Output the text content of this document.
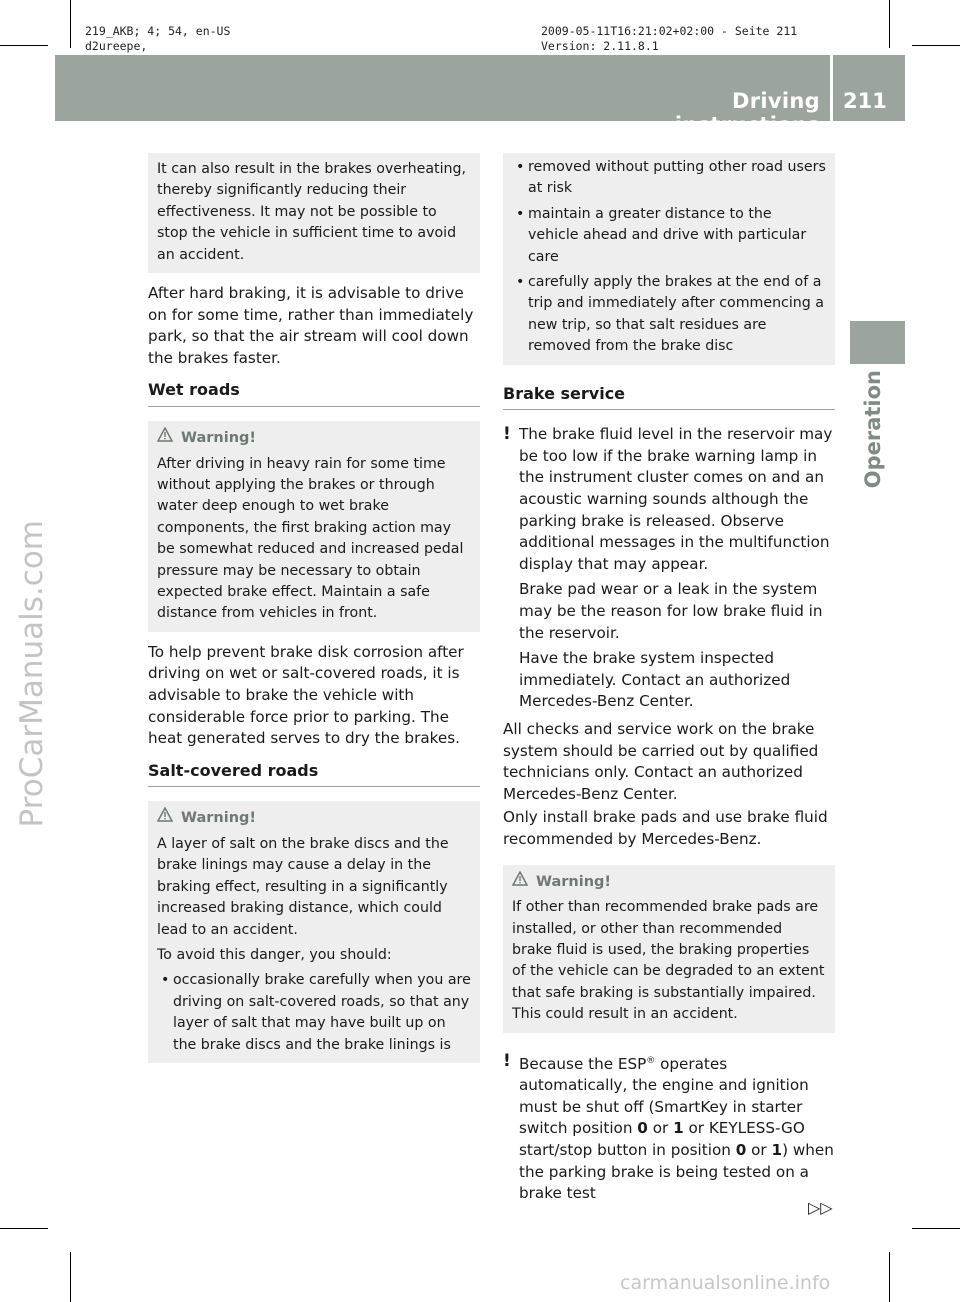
219_AKB; 4; 54, en-US
d2ureepe,
2009-05-11T16:21:02+02:00 - Seite 211
Version: 2.11.8.1
Driving instructions
211
Operation
ProCarManuals.com
carmanualsonline.info

It can also result in the brakes overheating, thereby significantly reducing their effectiveness. It may not be possible to stop the vehicle in sufficient time to avoid an accident.

After hard braking, it is advisable to drive on for some time, rather than immediately park, so that the air stream will cool down the brakes faster.

Wet roads
Warning!

After driving in heavy rain for some time without applying the brakes or through water deep enough to wet brake components, the first braking action may be somewhat reduced and increased pedal pressure may be necessary to obtain expected brake effect. Maintain a safe distance from vehicles in front.

To help prevent brake disk corrosion after driving on wet or salt-covered roads, it is advisable to brake the vehicle with considerable force prior to parking. The heat generated serves to dry the brakes.

Salt-covered roads
Warning!

A layer of salt on the brake discs and the brake linings may cause a delay in the braking effect, resulting in a significantly increased braking distance, which could lead to an accident.

To avoid this danger, you should:

• occasionally brake carefully when you are driving on salt-covered roads, so that any layer of salt that may have built up on the brake discs and the brake linings is

• removed without putting other road users at risk

• maintain a greater distance to the vehicle ahead and drive with particular care

• carefully apply the brakes at the end of a trip and immediately after commencing a new trip, so that salt residues are removed from the brake disc

Brake service
! The brake fluid level in the reservoir may be too low if the brake warning lamp in the instrument cluster comes on and an acoustic warning sounds although the parking brake is released. Observe additional messages in the multifunction display that may appear.

Brake pad wear or a leak in the system may be the reason for low brake fluid in the reservoir.

Have the brake system inspected immediately. Contact an authorized Mercedes-Benz Center.

All checks and service work on the brake system should be carried out by qualified technicians only. Contact an authorized Mercedes-Benz Center.

Only install brake pads and use brake fluid recommended by Mercedes-Benz.

Warning!

If other than recommended brake pads are installed, or other than recommended brake fluid is used, the braking properties of the vehicle can be degraded to an extent that safe braking is substantially impaired. This could result in an accident.

! Because the ESP® operates automatically, the engine and ignition must be shut off (SmartKey in starter switch position 0 or 1 or KEYLESS-GO start/stop button in position 0 or 1) when the parking brake is being tested on a brake test

▷▷
